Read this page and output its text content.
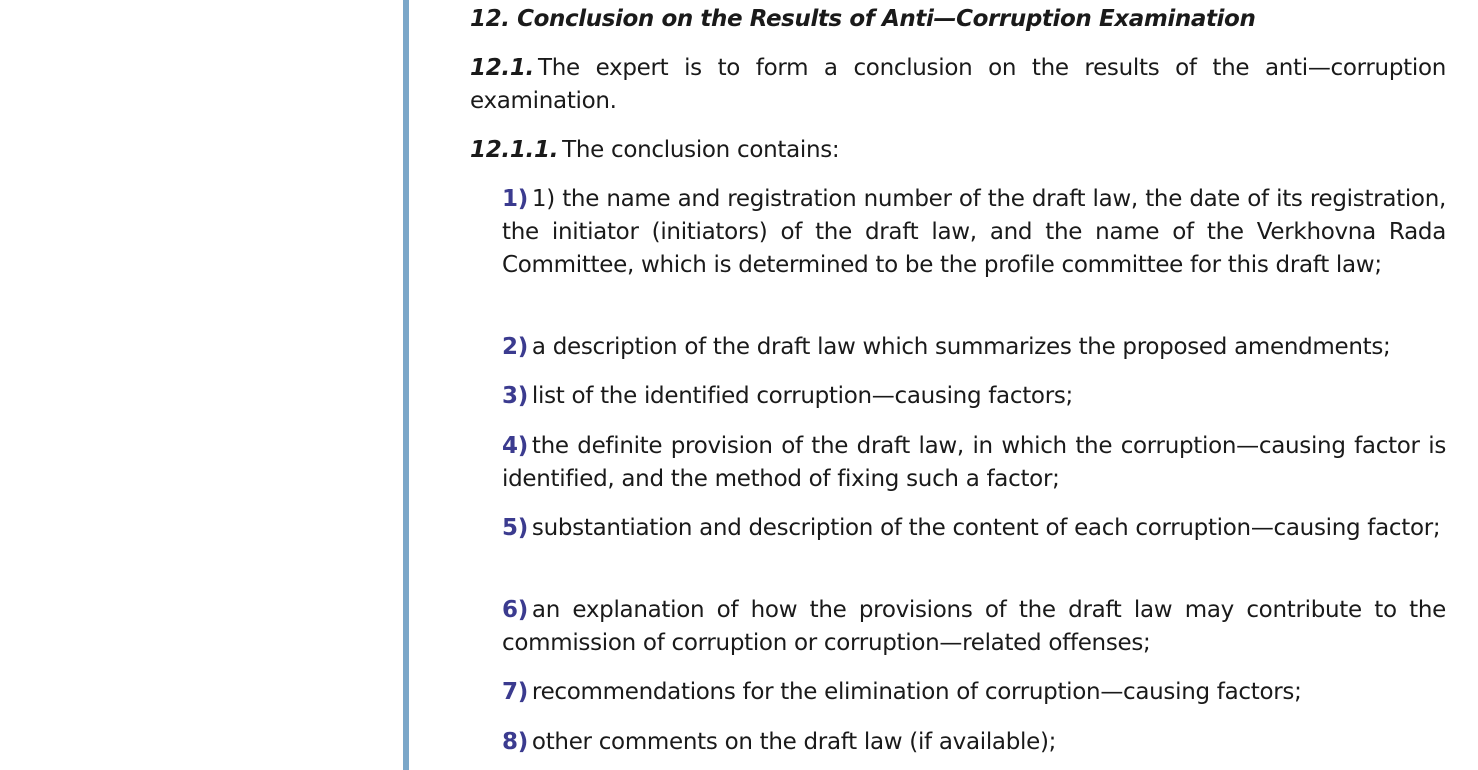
12. Conclusion on the Results of Anti—Corruption Examination

12.1. The expert is to form a conclusion on the results of the anti—corruption examination.

12.1.1. The conclusion contains:

1) 1) the name and registration number of the draft law, the date of its registration, the initiator (initiators) of the draft law, and the name of the Verkhovna Rada Committee, which is determined to be the profile committee for this draft law;

2) a description of the draft law which summarizes the proposed amendments;

3) list of the identified corruption—causing factors;

4) the definite provision of the draft law, in which the corruption—causing factor is identified, and the method of fixing such a factor;

5) substantiation and description of the content of each corruption—causing factor;

6) an explanation of how the provisions of the draft law may contribute to the commission of corruption or corruption—related offenses;

7) recommendations for the elimination of corruption—causing factors;

8) other comments on the draft law (if available);
